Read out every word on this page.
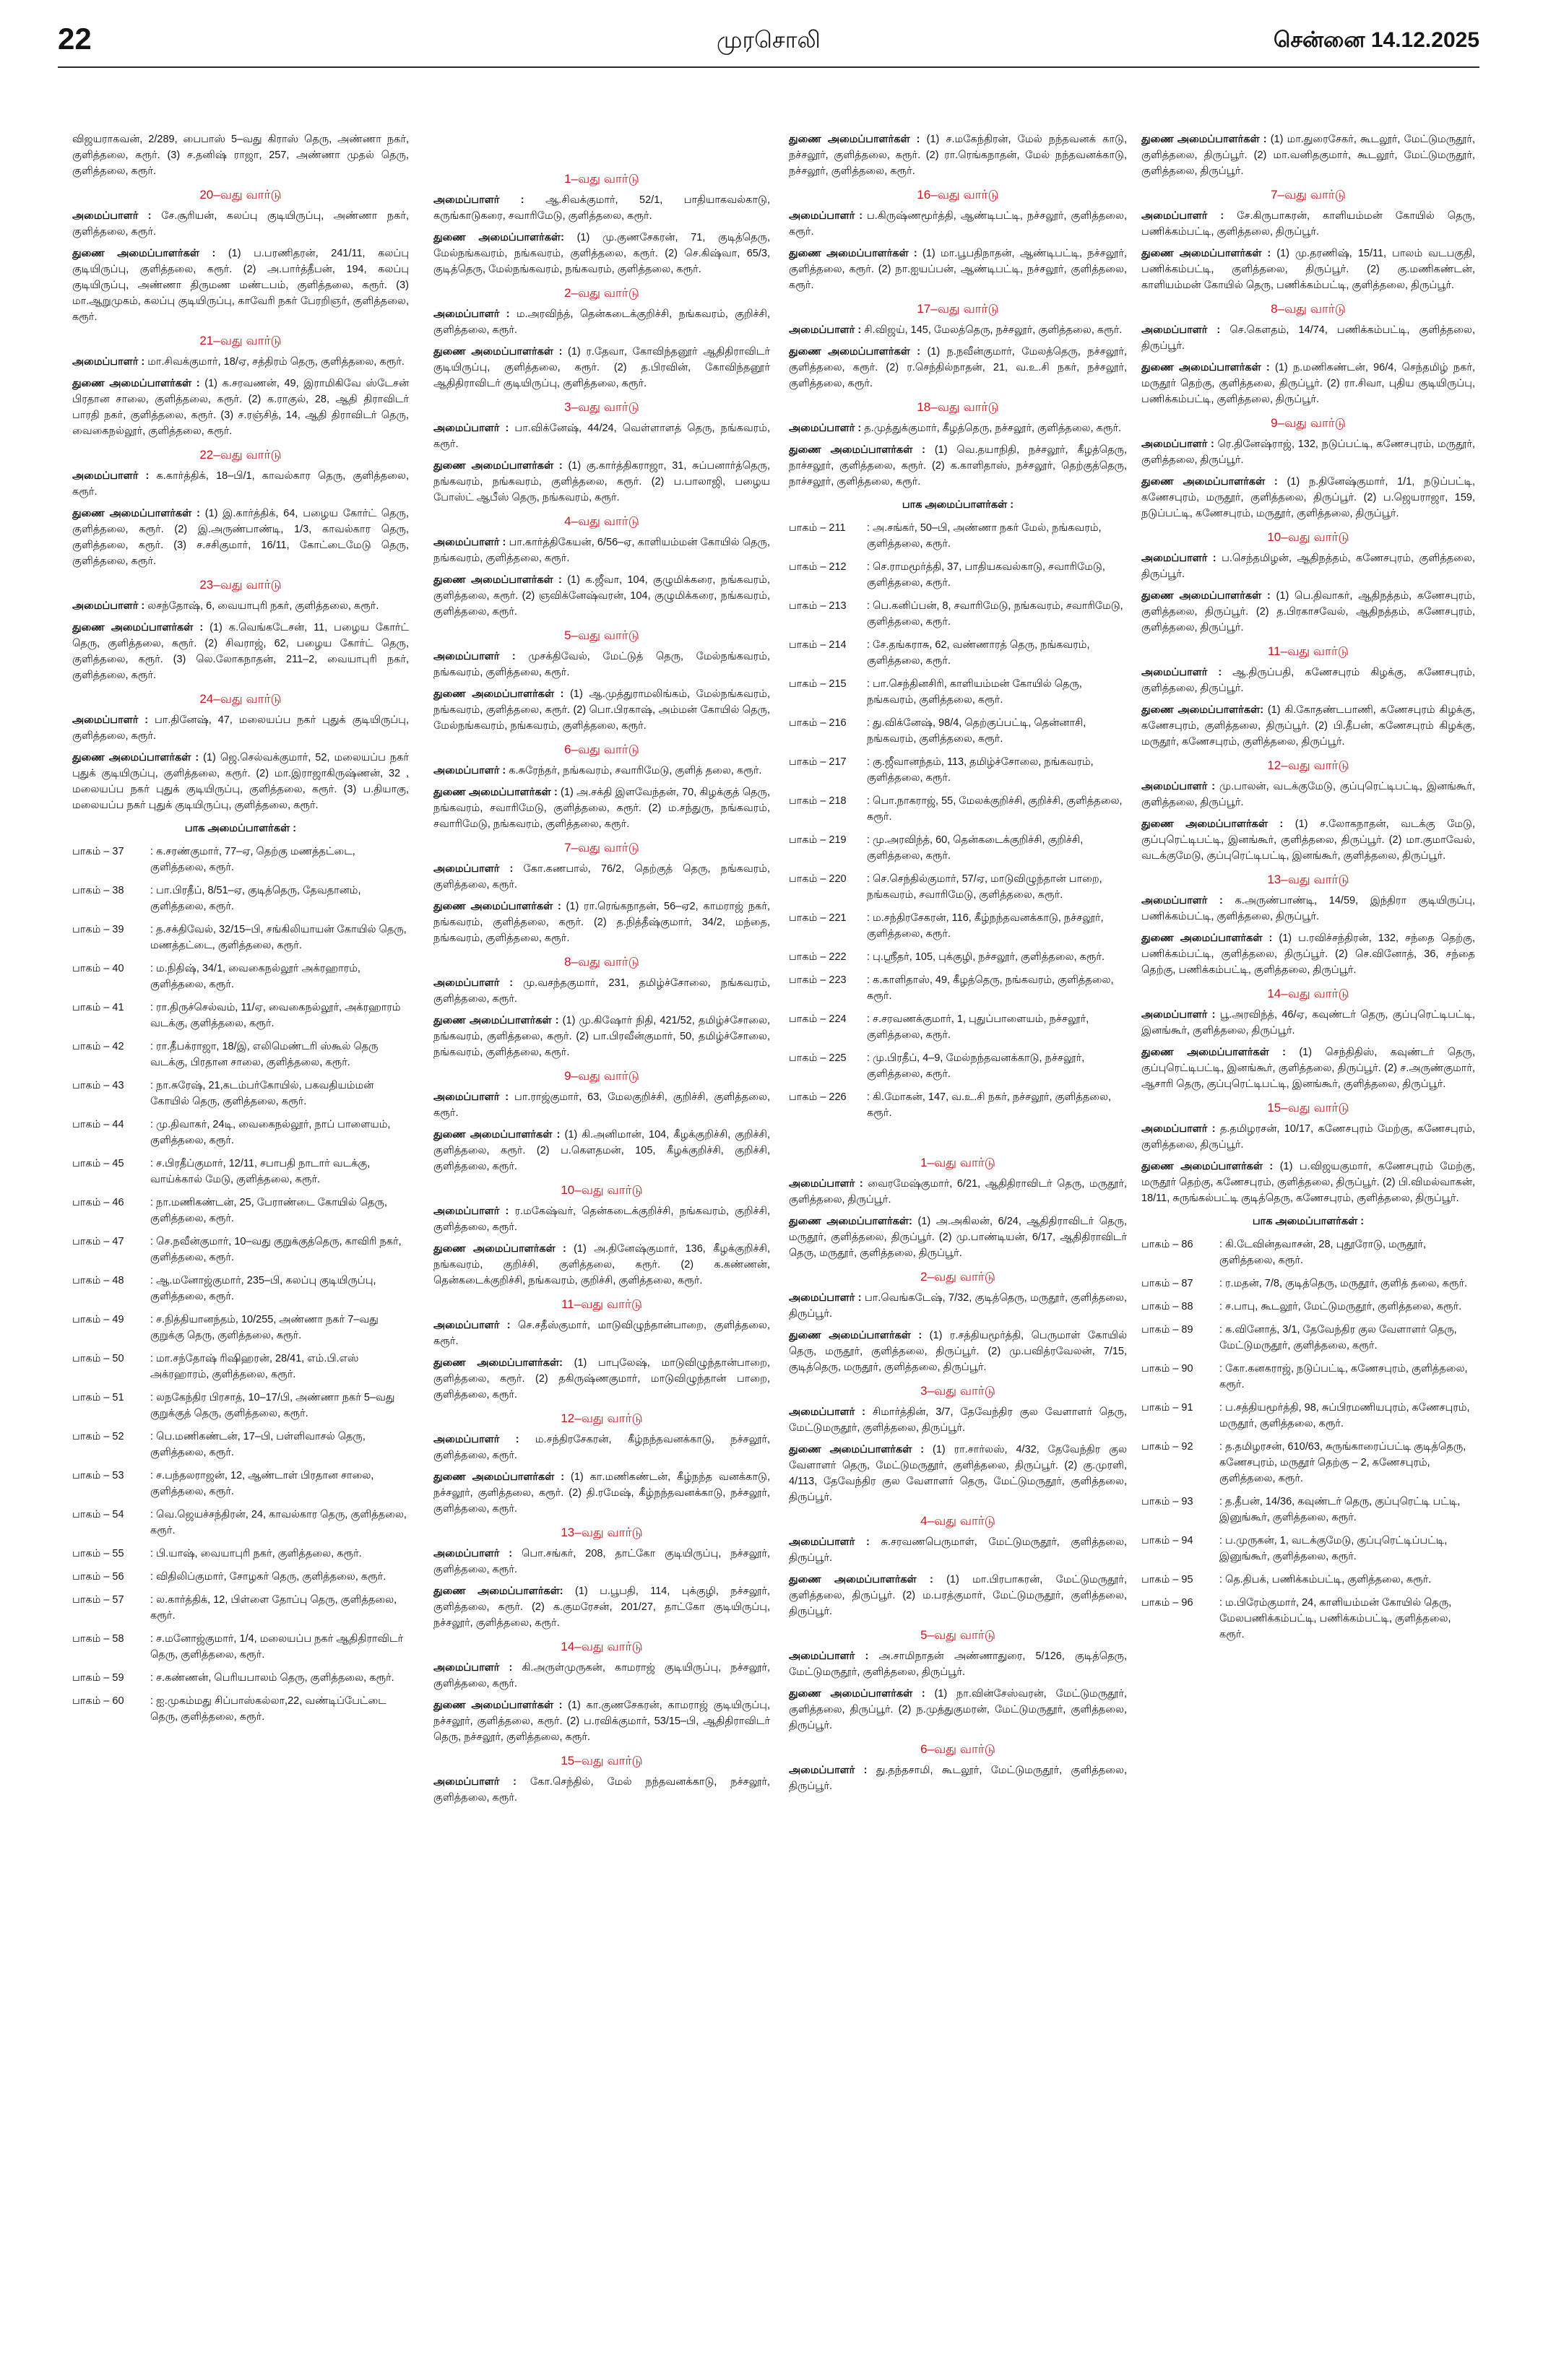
22	முரசொலி	சென்னை 14.12.2025
விஜயராகவன், 2/289, பைபாஸ் 5–வது கிராஸ் தெரு, அண்ணா நகர், குளித்தலை, கரூர். (3) ச.தனிஷ் ராஜா, 257, அண்ணா முதல் தெரு, குளித்தலை, கரூர்.
20–வது வார்டு
அமைப்பாளர் : சே.சூரியன், கலப்பு குடியிருப்பு, அண்ணா நகர், குளித்தலை, கரூர்.
துணை அமைப்பாளர்கள் : (1) ப.பரணிதரன், 241/11, கலப்பு குடியிருப்பு, குளித்தலை, கரூர். (2) அ.பார்த்தீபன், 194, கலப்பு குடியிருப்பு, அண்ணா திருமண மண்டபம், குளித்தலை, கரூர். (3) மா.ஆறுமுகம், கலப்பு குடியிருப்பு, காவேரி நகர் பேரறிஞர், குளித்தலை, கரூர்.
21–வது வார்டு
அமைப்பாளர் : மா.சிவக்குமார், 18/ஏ, சத்திரம் தெரு, குளித்தலை, கரூர்.
துணை அமைப்பாளர்கள் : (1) க.சரவணன், 49, இராமிகிவே ஸ்டேசன் பிரதான சாலை, குளித்தலை, கரூர். (2) க.ராகுல், 28, ஆதி திராவிடர் பாரதி நகர், குளித்தலை, கரூர். (3) ச.ரஞ்சித், 14, ஆதி திராவிடர் தெரு, வைகைநல்லூர், குளித்தலை, கரூர்.
22–வது வார்டு
அமைப்பாளர் : க.கார்த்திக், 18–பி/1, காவல்கார தெரு, குளித்தலை, கரூர்.
துணை அமைப்பாளர்கள் : (1) இ.கார்த்திக், 64, பழைய கோர்ட் தெரு, குளித்தலை, கரூர். (2) இ.அருண்பாண்டி, 1/3, காவல்கார தெரு, குளித்தலை, கரூர். (3) ச.சசிகுமார், 16/11, கோட்டைமேடு தெரு, குளித்தலை, கரூர்.
23–வது வார்டு
அமைப்பாளர் : லசந்தோஷ், 6, வையாபுரி நகர், குளித்தலை, கரூர்.
துணை அமைப்பாளர்கள் : (1) க.வெங்கடேசன், 11, பழைய கோர்ட் தெரு, குளித்தலை, கரூர். (2) சிவராஜ், 62, பழைய கோர்ட் தெரு, குளித்தலை, கரூர். (3) லெ.லோகநாதன், 211–2, வையாபுரி நகர், குளித்தலை, கரூர்.
24–வது வார்டு
அமைப்பாளர் : பா.தினேஷ், 47, மலையப்ப நகர் புதுக் குடியிருப்பு, குளித்தலை, கரூர்.
துணை அமைப்பாளர்கள் : (1) ஜெ.செல்வக்குமார், 52, மலையப்ப நகர் புதுக் குடியிருப்பு, குளித்தலை, கரூர். (2) மா.இராஜாகிருஷ்ணன், 32 , மலையப்ப நகர் புதுக் குடியிருப்பு, குளித்தலை, கரூர். (3) ப.தியாகு, மலையப்ப நகர் புதுக் குடியிருப்பு, குளித்தலை, கரூர்.
பாக அமைப்பாளர்கள் :
பாகம் – 37	: க.சரண்குமார், 77–ஏ, தெற்கு மணத்தட்டை, குளித்தலை, கரூர்.
பாகம் – 38	: பா.பிரதீப், 8/51–ஏ, குடித்தெரு, தேவதானம், குளித்தலை, கரூர்.
பாகம் – 39	: த.சக்திவேல், 32/15–பி, சங்கிலியாயன் கோயில் தெரு, மணத்தட்டை, குளித்தலை, கரூர்.
பாகம் – 40	: ம.நிதிஷ், 34/1, வைகைநல்லூர் அக்ரஹாரம், குளித்தலை, கரூர்.
பாகம் – 41	: ரா.திருச்செல்வம், 11/ஏ, வைகைநல்லூர், அக்ரஹாரம் வடக்கு, குளித்தலை, கரூர்.
பாகம் – 42	: ரா.தீபக்ராஜா, 18/இ, எலிமெண்டரி ஸ்கூல் தெரு வடக்கு, பிரதான சாலை, குளித்தலை, கரூர்.
பாகம் – 43	: நா.சுரேஷ், 21,கடம்பர்கோயில், பகவதியம்மன் கோயில் தெரு, குளித்தலை, கரூர்.
பாகம் – 44	: மு.திவாகர், 24டி, வைகைநல்லூர், நாப் பாளையம், குளித்தலை, கரூர்.
பாகம் – 45	: ச.பிரதீப்குமார், 12/11, சபாபதி நாடார் வடக்கு, வாய்க்கால் மேடு, குளித்தலை, கரூர்.
பாகம் – 46	: நா.மணிகண்டன், 25, பேராண்டை கோயில் தெரு, குளித்தலை, கரூர்.
பாகம் – 47	: செ.நவீன்குமார், 10–வது குறுக்குத்தெரு, காவிரி நகர், குளித்தலை, கரூர்.
பாகம் – 48	: ஆ.மனோஜ்குமார், 235–பி, கலப்பு குடியிருப்பு, குளித்தலை, கரூர்.
பாகம் – 49	: ச.நித்தியானந்தம், 10/255, அண்ணா நகர் 7–வது குறுக்கு தெரு, குளித்தலை, கரூர்.
பாகம் – 50	: மா.சந்தோஷ் ரிஷிஹரன், 28/41, எம்.பி.எஸ் அக்ரஹாரம், குளித்தலை, கரூர்.
பாகம் – 51	: லநகேந்திர பிரசாத், 10–17/பி, அண்ணா நகர் 5–வது குறுக்குத் தெரு, குளித்தலை, கரூர்.
பாகம் – 52	: பெ.மணிகண்டன், 17–பி, பள்ளிவாசல் தெரு, குளித்தலை, கரூர்.
பாகம் – 53	: ச.பந்தலராஜன், 12, ஆண்டாள் பிரதான சாலை, குளித்தலை, கரூர்.
பாகம் – 54	: வெ.ஜெயச்சந்திரன், 24, காவல்கார தெரு, குளித்தலை, கரூர்.
பாகம் – 55	: பி.யாஷ், வையாபுரி நகர், குளித்தலை, கரூர்.
பாகம் – 56	: விதிலிப்குமார், சோழகர் தெரு, குளித்தலை, கரூர்.
பாகம் – 57	: ல.கார்த்திக், 12, பிள்ளை தோப்பு தெரு, குளித்தலை, கரூர்.
பாகம் – 58	: ச.மனோஜ்குமார், 1/4, மலையப்ப நகர் ஆதிதிராவிடர் தெரு, குளித்தலை, கரூர்.
பாகம் – 59	: ச.கண்ணன், பெரியபாலம் தெரு, குளித்தலை, கரூர்.
பாகம் – 60	: ஐ.முகம்மது சிப்பாஸ்கல்லா,22, வண்டிப்பேட்டை தெரு, குளித்தலை, கரூர்.
1–வது வார்டு
அமைப்பாளர் : ஆ.சிவக்குமார், 52/1, பாதியாகவல்காடு, கருங்காடுகரை, சவாரிமேடு, குளித்தலை, கரூர்.
துணை அமைப்பாளர்கள்: (1) மு.குணசேகரன், 71, குடித்தெரு, மேல்நங்கவரம், நங்கவரம், குளித்தலை, கரூர். (2) செ.கிஷ்வா, 65/3, குடித்தெரு, மேல்நங்கவரம், நங்கவரம், குளித்தலை, கரூர்.
2–வது வார்டு
அமைப்பாளர் : ம.அரவிந்த், தென்கடைக்குறிச்சி, நங்கவரம், குறிச்சி, குளித்தலை, கரூர்.
துணை அமைப்பாளர்கள் : (1) ர.தேவா, கோவிந்தனூர் ஆதிதிராவிடர் குடியிருப்பு, குளித்தலை, கரூர். (2) த.பிரவின், கோவிந்தனூர் ஆதிதிராவிடர் குடியிருப்பு, குளித்தலை, கரூர்.
3–வது வார்டு
அமைப்பாளர் : பா.விக்னேஷ், 44/24, வெள்ளாளத் தெரு, நங்கவரம், கரூர்.
துணை அமைப்பாளர்கள் : (1) கு.கார்த்திகராஜா, 31, சுப்பனார்த்தெரு, நங்கவரம், நங்கவரம், குளித்தலை, கரூர். (2) ப.பாலாஜி, பழைய போஸ்ட் ஆபீஸ் தெரு, நங்கவரம், கரூர்.
4–வது வார்டு
அமைப்பாளர் : பா.கார்த்திகேயன், 6/56–ஏ, காளியம்மன் கோயில் தெரு, நங்கவரம், குளித்தலை, கரூர்.
துணை அமைப்பாளர்கள் : (1) க.ஜீவா, 104, குழுமிக்கரை, நங்கவரம், குளித்தலை, கரூர். (2) ஞவிக்னேஷ்வரன், 104, குழுமிக்கரை, நங்கவரம், குளித்தலை, கரூர்.
5–வது வார்டு
அமைப்பாளர் : முசக்திவேல், மேட்டுத் தெரு, மேல்நங்கவரம், நங்கவரம், குளித்தலை, கரூர்.
துணை அமைப்பாளர்கள் : (1) ஆ.முத்துராமலிங்கம், மேல்நங்கவரம், நங்கவரம், குளித்தலை, கரூர். (2) பொ.பிரகாஷ், அம்மன் கோயில் தெரு, மேல்நங்கவரம், நங்கவரம், குளித்தலை, கரூர்.
6–வது வார்டு
அமைப்பாளர் : க.சுரேந்தர், நங்கவரம், சவாரிமேடு, குளித் தலை, கரூர்.
துணை அமைப்பாளர்கள் : (1) அ.சக்தி இளவேந்தன், 70, கிழக்குத் தெரு, நங்கவரம், சவாரிமேடு, குளித்தலை, கரூர். (2) ம.சந்துரு, நங்கவரம், சவாரிமேடு, நங்கவரம், குளித்தலை, கரூர்.
7–வது வார்டு
அமைப்பாளர் : கோ.கணபால், 76/2, தெற்குத் தெரு, நங்கவரம், குளித்தலை, கரூர்.
துணை அமைப்பாளர்கள் : (1) ரா.ரெங்கநாதன், 56–ஏ2, காமராஜ் நகர், நங்கவரம், குளித்தலை, கரூர். (2) த.நித்தீஷ்குமார், 34/2, மந்தை, நங்கவரம், குளித்தலை, கரூர்.
8–வது வார்டு
அமைப்பாளர் : மு.வசந்தகுமார், 231, தமிழ்ச்சோலை, நங்கவரம், குளித்தலை, கரூர்.
துணை அமைப்பாளர்கள் : (1) மு.கிஷோர் நிதி, 421/52, தமிழ்ச்சோலை, நங்கவரம், குளித்தலை, கரூர். (2) பா.பிரவீன்குமார், 50, தமிழ்ச்சோலை, நங்கவரம், குளித்தலை, கரூர்.
9–வது வார்டு
அமைப்பாளர் : பா.ராஜ்குமார், 63, மேலகுறிச்சி, குறிச்சி, குளித்தலை, கரூர்.
துணை அமைப்பாளர்கள் : (1) கி.அனிமான், 104, கீழக்குறிச்சி, குறிச்சி, குளித்தலை, கரூர். (2) ப.கௌதமன், 105, கீழக்குறிச்சி, குறிச்சி, குளித்தலை, கரூர்.
10–வது வார்டு
அமைப்பாளர் : ர.மகேஷ்வர், தென்கடைக்குறிச்சி, நங்கவரம், குறிச்சி, குளித்தலை, கரூர்.
துணை அமைப்பாளர்கள் : (1) அ.தினேஷ்குமார், 136, கீழக்குறிச்சி, நங்கவரம், குறிச்சி, குளித்தலை, கரூர். (2) க.கண்ணன், தென்கடைக்குறிச்சி, நங்கவரம், குறிச்சி, குளித்தலை, கரூர்.
11–வது வார்டு
அமைப்பாளர் : செ.சதீஸ்குமார், மாடுவிழுந்தான்பாறை, குளித்தலை, கரூர்.
துணை அமைப்பாளர்கள்: (1) பாபுலேஷ், மாடுவிழுந்தான்பாறை, குளித்தலை, கரூர். (2) தகிருஷ்ணகுமார், மாடுவிழுந்தான் பாறை, குளித்தலை, கரூர்.
12–வது வார்டு
அமைப்பாளர் : ம.சந்திரசேகரன், கீழ்நந்தவனக்காடு, நச்சலூர், குளித்தலை, கரூர்.
துணை அமைப்பாளர்கள் : (1) கா.மணிகண்டன், கீழ்நந்த வனக்காடு, நச்சலூர், குளித்தலை, கரூர். (2) தி.ரமேஷ், கீழ்நந்தவனக்காடு, நச்சலூர், குளித்தலை, கரூர்.
13–வது வார்டு
அமைப்பாளர் : பொ.சங்கர், 208, தாட்கோ குடியிருப்பு, நச்சலூர், குளித்தலை, கரூர்.
துணை அமைப்பாளர்கள்: (1) ப.பூபதி, 114, புக்குழி, நச்சலூர், குளித்தலை, கரூர். (2) க.குமரேசன், 201/27, தாட்கோ குடியிருப்பு, நச்சலூர், குளித்தலை, கரூர்.
14–வது வார்டு
அமைப்பாளர் : கி.அருள்முருகன், காமராஜ் குடியிருப்பு, நச்சலூர், குளித்தலை, கரூர்.
துணை அமைப்பாளர்கள் : (1) கா.குணசேகரன், காமராஜ் குடியிருப்பு, நச்சலூர், குளித்தலை, கரூர். (2) ப.ரவிக்குமார், 53/15–பி, ஆதிதிராவிடர் தெரு, நச்சலூர், குளித்தலை, கரூர்.
15–வது வார்டு
அமைப்பாளர் : கோ.செந்தில், மேல் நந்தவனக்காடு, நச்சலூர், குளித்தலை, கரூர்.
துணை அமைப்பாளர்கள் : (1) ச.மகேந்திரன், மேல் நந்தவனக் காடு, நச்சலூர், குளித்தலை, கரூர். (2) ரா.ரெங்கநாதன், மேல் நந்தவனக்காடு, நச்சலூர், குளித்தலை, கரூர்.
16–வது வார்டு
அமைப்பாளர் : ப.கிருஷ்ணமூர்த்தி, ஆண்டிபட்டி, நச்சலூர், குளித்தலை, கரூர்.
துணை அமைப்பாளர்கள் : (1) மா.பூபதிநாதன், ஆண்டிபட்டி, நச்சலூர், குளித்தலை, கரூர். (2) நா.ஐயப்பன், ஆண்டிபட்டி, நச்சலூர், குளித்தலை, கரூர்.
17–வது வார்டு
அமைப்பாளர் : சி.விஜய், 145, மேலத்தெரு, நச்சலூர், குளித்தலை, கரூர்.
துணை அமைப்பாளர்கள் : (1) ந.நவீன்குமார், மேலத்தெரு, நச்சலூர், குளித்தலை, கரூர். (2) ர.செந்தில்நாதன், 21, வ.உ.சி நகர், நச்சலூர், குளித்தலை, கரூர்.
18–வது வார்டு
அமைப்பாளர் : த.முத்துக்குமார், கீழத்தெரு, நச்சலூர், குளித்தலை, கரூர்.
துணை அமைப்பாளர்கள் : (1) வெ.தயாநிதி, நச்சலூர், கீழத்தெரு, நாச்சலூர், குளித்தலை, கரூர். (2) க.காளிதாஸ், நச்சலூர், தெற்குத்தெரு, நாச்சலூர், குளித்தலை, கரூர்.
பாக அமைப்பாளர்கள் :
பாகம் – 211	: அ.சங்கர், 50–பி, அண்ணா நகர் மேல், நங்கவரம், குளித்தலை, கரூர்.
பாகம் – 212	: செ.ராமமூர்த்தி, 37, பாதியகவல்காடு, சவாரிமேடு, குளித்தலை, கரூர்.
பாகம் – 213	: பெ.கனிப்பன், 8, சவாரிமேடு, நங்கவரம், சவாரிமேடு, குளித்தலை, கரூர்.
பாகம் – 214	: சே.தங்கராசு, 62, வண்ணாரத் தெரு, நங்கவரம், குளித்தலை, கரூர்.
பாகம் – 215	: பா.செந்தினசிரி, காளியம்மன் கோயில் தெரு, நங்கவரம், குளித்தலை, கரூர்.
பாகம் – 216	: து.விக்னேஷ், 98/4, தெற்குப்பட்டி, தென்னாசி, நங்கவரம், குளித்தலை, கரூர்.
பாகம் – 217	: கு.ஜீவானந்தம், 113, தமிழ்ச்சோலை, நங்கவரம், குளித்தலை, கரூர்.
பாகம் – 218	: பொ.நாகராஜ், 55, மேலக்குறிச்சி, குறிச்சி, குளித்தலை, கரூர்.
பாகம் – 219	: மு.அரவிந்த், 60, தென்கடைக்குறிச்சி, குறிச்சி, குளித்தலை, கரூர்.
பாகம் – 220	: செ.செந்தில்குமார், 57/ஏ, மாடுவிழுந்தான் பாறை, நங்கவரம், சவாரிமேடு, குளித்தலை, கரூர்.
பாகம் – 221	: ம.சந்திரசேகரன், 116, கீழ்நந்தவனக்காடு, நச்சலூர், குளித்தலை, கரூர்.
பாகம் – 222	: பு.ஸ்ரீதர், 105, புக்குழி, நச்சலூர், குளித்தலை, கரூர்.
பாகம் – 223	: க.காளிதாஸ், 49, கீழத்தெரு, நங்கவரம், குளித்தலை, கரூர்.
பாகம் – 224	: ச.சரவணக்குமார், 1, புதுப்பாளையம், நச்சலூர், குளித்தலை, கரூர்.
பாகம் – 225	: மு.பிரதீப், 4–9, மேல்நந்தவனக்காடு, நச்சலூர், குளித்தலை, கரூர்.
பாகம் – 226	: கி.மோகன், 147, வ.உ.சி நகர், நச்சலூர், குளித்தலை, கரூர்.
1–வது வார்டு
அமைப்பாளர் : வைரமேஷ்குமார், 6/21, ஆதிதிராவிடர் தெரு, மருதூர், குளித்தலை, திருப்பூர்.
துணை அமைப்பாளர்கள்: (1) அ.அகிலன், 6/24, ஆதிதிராவிடர் தெரு, மருதூர், குளித்தலை, திருப்பூர். (2) மு.பாண்டியன், 6/17, ஆதிதிராவிடர் தெரு, மருதூர், குளித்தலை, திருப்பூர்.
2–வது வார்டு
அமைப்பாளர் : பா.வெங்கடேஷ், 7/32, குடித்தெரு, மருதூர், குளித்தலை, திருப்பூர்.
துணை அமைப்பாளர்கள் : (1) ர.சத்தியமூர்த்தி, பெருமாள் கோயில் தெரு, மருதூர், குளித்தலை, திருப்பூர். (2) மு.பவித்ரவேலன், 7/15, குடித்தெரு, மருதூர், குளித்தலை, திருப்பூர்.
3–வது வார்டு
அமைப்பாளர் : சிமார்த்தின், 3/7, தேவேந்திர குல வேளாளர் தெரு, மேட்டுமருதூர், குளித்தலை, திருப்பூர்.
துணை அமைப்பாளர்கள் : (1) ரா.சார்லஸ், 4/32, தேவேந்திர குல வேளாளர் தெரு, மேட்டுமருதூர், குளித்தலை, திருப்பூர். (2) கு.முரளி, 4/113, தேவேந்திர குல வேளாளர் தெரு, மேட்டுமருதூர், குளித்தலை, திருப்பூர்.
4–வது வார்டு
அமைப்பாளர் : சு.சரவணபெருமாள், மேட்டுமருதூர், குளித்தலை, திருப்பூர்.
துணை அமைப்பாளர்கள் : (1) மா.பிரபாகரன், மேட்டுமருதூர், குளித்தலை, திருப்பூர். (2) ம.பரத்குமார், மேட்டுமருதூர், குளித்தலை, திருப்பூர்.
5–வது வார்டு
அமைப்பாளர் : அ.சாமிநாதன் அண்ணாதுரை, 5/126, குடித்தெரு, மேட்டுமருதூர், குளித்தலை, திருப்பூர்.
துணை அமைப்பாளர்கள் : (1) நா.வின்சேஸ்வரன், மேட்டுமருதூர், குளித்தலை, திருப்பூர். (2) ந.முத்துகுமரன், மேட்டுமருதூர், குளித்தலை, திருப்பூர்.
6–வது வார்டு
அமைப்பாளர் : து.தந்தசாமி, கூடலூர், மேட்டுமருதூர், குளித்தலை, திருப்பூர்.
துணை அமைப்பாளர்கள் : (1) மா.துரைசேகர், கூடலூர், மேட்டுமருதூர், குளித்தலை, திருப்பூர். (2) மா.வனிதகுமார், கூடலூர், மேட்டுமருதூர், குளித்தலை, திருப்பூர்.
7–வது வார்டு
அமைப்பாளர் : சே.கிருபாகரன், காளியம்மன் கோயில் தெரு, பணிக்கம்பட்டி, குளித்தலை, திருப்பூர்.
துணை அமைப்பாளர்கள் : (1) மு.தரணிஷ், 15/11, பாலம் வடபகுதி, பணிக்கம்பட்டி, குளித்தலை, திருப்பூர். (2) கு.மணிகண்டன், காளியம்மன் கோயில் தெரு, பணிக்கம்பட்டி, குளித்தலை, திருப்பூர்.
8–வது வார்டு
அமைப்பாளர் : செ.கௌதம், 14/74, பணிக்கம்பட்டி, குளித்தலை, திருப்பூர்.
துணை அமைப்பாளர்கள் : (1) ந.மணிகண்டன், 96/4, செந்தமிழ் நகர், மருதூர் தெற்கு, குளித்தலை, திருப்பூர். (2) ரா.சிவா, புதிய குடியிருப்பு, பணிக்கம்பட்டி, குளித்தலை, திருப்பூர்.
9–வது வார்டு
அமைப்பாளர் : ரெ.தினேஷ்ராஜ், 132, நடுப்பட்டி, கணேசபுரம், மருதூர், குளித்தலை, திருப்பூர்.
துணை அமைப்பாளர்கள் : (1) ந.தினேஷ்குமார், 1/1, நடுப்பட்டி, கணேசபுரம், மருதூர், குளித்தலை, திருப்பூர். (2) ப.ஜெயராஜா, 159, நடுப்பட்டி, கணேசபுரம், மருதூர், குளித்தலை, திருப்பூர்.
10–வது வார்டு
அமைப்பாளர் : ப.செந்தமிழன், ஆதிநத்தம், கணேசபுரம், குளித்தலை, திருப்பூர்.
துணை அமைப்பாளர்கள் : (1) பெ.திவாகர், ஆதிநத்தம், கணேசபுரம், குளித்தலை, திருப்பூர். (2) த.பிரகாசவேல், ஆதிநத்தம், கணேசபுரம், குளித்தலை, திருப்பூர்.
11–வது வார்டு
அமைப்பாளர் : ஆ.திருப்பதி, கணேசபுரம் கிழக்கு, கணேசபுரம், குளித்தலை, திருப்பூர்.
துணை அமைப்பாளர்கள்: (1) கி.கோதண்டபாணி, கணேசபுரம் கிழக்கு, கணேசபுரம், குளித்தலை, திருப்பூர். (2) பி.தீபன், கணேசபுரம் கிழக்கு, மருதூர், கணேசபுரம், குளித்தலை, திருப்பூர்.
12–வது வார்டு
அமைப்பாளர் : மு.பாலன், வடக்குமேடு, குப்புரெட்டிபட்டி, இனங்கூர், குளித்தலை, திருப்பூர்.
துணை அமைப்பாளர்கள் : (1) ச.லோகநாதன், வடக்கு மேடு, குப்புரெட்டிபட்டி, இனங்கூர், குளித்தலை, திருப்பூர். (2) மா.குமாவேல், வடக்குமேடு, குப்புரெட்டிபட்டி, இனங்கூர், குளித்தலை, திருப்பூர்.
13–வது வார்டு
அமைப்பாளர் : க.அருண்பாண்டி, 14/59, இந்திரா குடியிருப்பு, பணிக்கம்பட்டி, குளித்தலை, திருப்பூர்.
துணை அமைப்பாளர்கள் : (1) ப.ரவிச்சந்திரன், 132, சந்தை தெற்கு, பணிக்கம்பட்டி, குளித்தலை, திருப்பூர். (2) செ.வினோத், 36, சந்தை தெற்கு, பணிக்கம்பட்டி, குளித்தலை, திருப்பூர்.
14–வது வார்டு
அமைப்பாளர் : பூ.அரவிந்த், 46/ஏ, கவுண்டர் தெரு, குப்புரெட்டிபட்டி, இனங்கூர், குளித்தலை, திருப்பூர்.
துணை அமைப்பாளர்கள் : (1) செந்திதிஸ், கவுண்டர் தெரு, குப்புரெட்டிபட்டி, இனங்கூர், குளித்தலை, திருப்பூர். (2) ச.அருண்குமார், ஆசாரி தெரு, குப்புரெட்டிபட்டி, இனங்கூர், குளித்தலை, திருப்பூர்.
15–வது வார்டு
அமைப்பாளர் : த.தமிழரசன், 10/17, கணேசபுரம் மேற்கு, கணேசபுரம், குளித்தலை, திருப்பூர்.
துணை அமைப்பாளர்கள் : (1) ப.விஜயகுமார், கணேசபுரம் மேற்கு, மருதூர் தெற்கு, கணேசபுரம், குளித்தலை, திருப்பூர். (2) பி.விமல்வாகன், 18/11, சுருங்கல்பட்டி குடித்தெரு, கணேசபுரம், குளித்தலை, திருப்பூர்.
பாக அமைப்பாளர்கள் :
பாகம் – 86	: கி.டேவின்தவாசன், 28, புதூரோடு, மருதூர், குளித்தலை, கரூர்.
பாகம் – 87	: ர.மதன், 7/8, குடித்தெரு, மருதூர், குளித் தலை, கரூர்.
பாகம் – 88	: ச.பாபு, கூடலூர், மேட்டுமருதூர், குளித்தலை, கரூர்.
பாகம் – 89	: க.வினோத், 3/1, தேவேந்திர குல வேளாளர் தெரு, மேட்டுமருதூர், குளித்தலை, கரூர்.
பாகம் – 90	: கோ.கனகராஜ், நடுப்பட்டி, கணேசபுரம், குளித்தலை, கரூர்.
பாகம் – 91	: ப.சத்தியமூர்த்தி, 98, சுப்பிரமணியபுரம், கணேசபுரம், மருதூர், குளித்தலை, கரூர்.
பாகம் – 92	: த.தமிழரசன், 610/63, சுருங்காரைப்பட்டி குடித்தெரு, கணேசபுரம், மருதூர் தெற்கு – 2, கணேசபுரம், குளித்தலை, கரூர்.
பாகம் – 93	: த.தீபன், 14/36, கவுண்டர் தெரு, குப்புரெட்டி பட்டி, இனுங்கூர், குளித்தலை, கரூர்.
பாகம் – 94	: ப.முருகன், 1, வடக்குமேடு, குப்புரெட்டிப்பட்டி, இனுங்கூர், குளித்தலை, கரூர்.
பாகம் – 95	: தெ.திபக், பணிக்கம்பட்டி, குளித்தலை, கரூர்.
பாகம் – 96	: ம.பிரேம்குமார், 24, காளியம்மன் கோயில் தெரு, மேலபணிக்கம்பட்டி, பணிக்கம்பட்டி, குளித்தலை, கரூர்.
